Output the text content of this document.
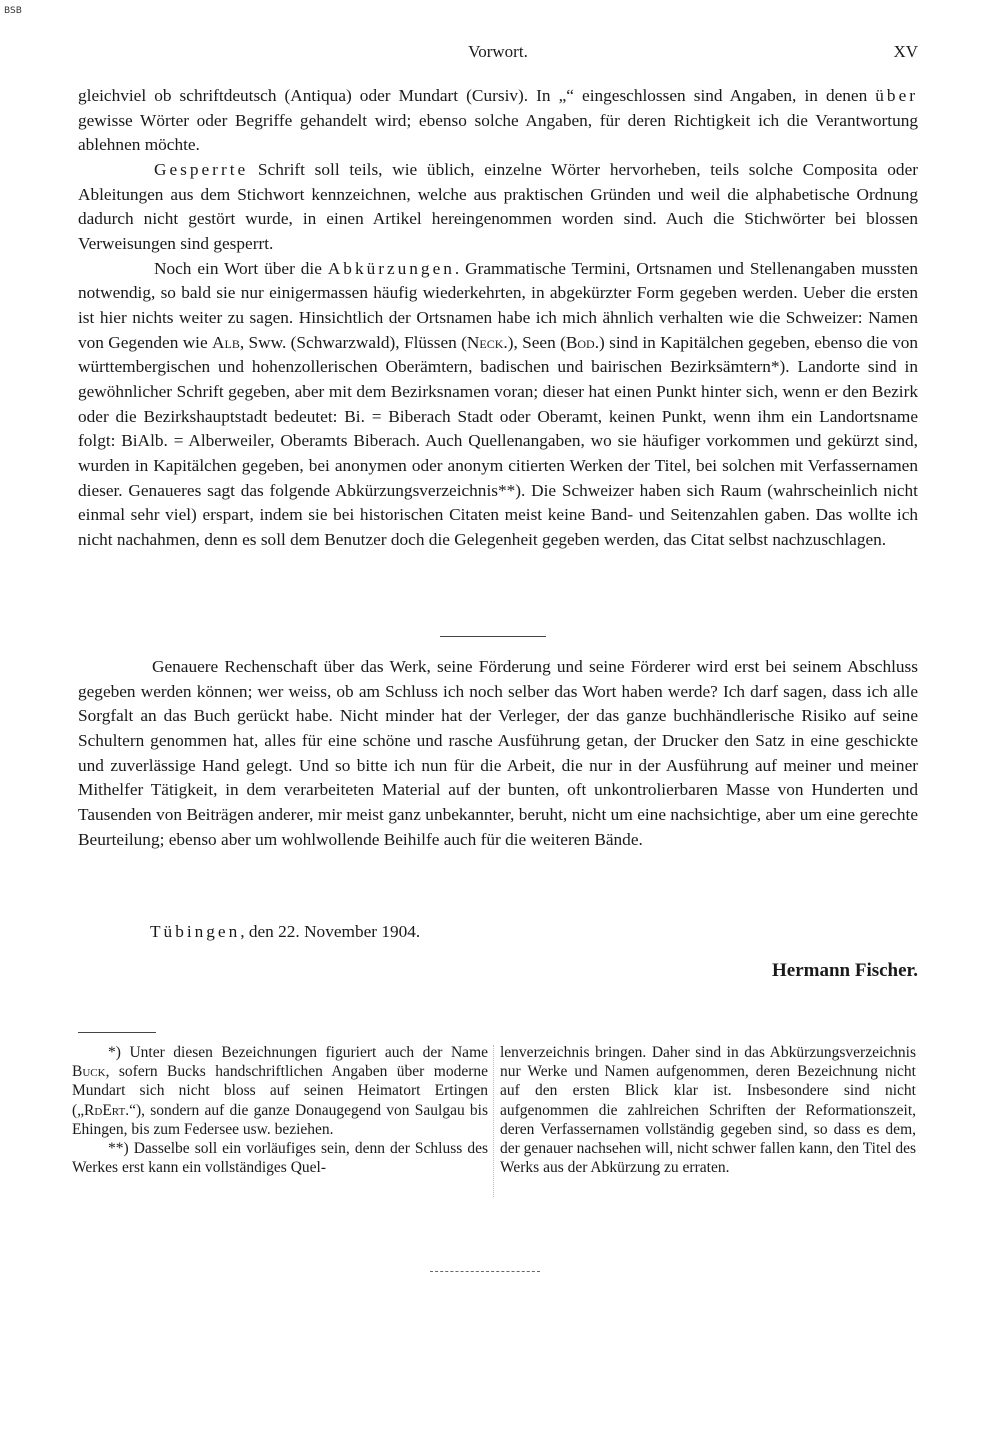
BSB
Vorwort.	XV

gleichviel ob schriftdeutsch (Antiqua) oder Mundart (Cursiv). In „“ eingeschlossen sind Angaben, in denen über gewisse Wörter oder Begriffe gehandelt wird; ebenso solche Angaben, für deren Richtigkeit ich die Verantwortung ablehnen möchte.

Gesperrte Schrift soll teils, wie üblich, einzelne Wörter hervorheben, teils solche Composita oder Ableitungen aus dem Stichwort kennzeichnen, welche aus praktischen Gründen und weil die alphabetische Ordnung dadurch nicht gestört wurde, in einen Artikel hereingenommen worden sind. Auch die Stichwörter bei blossen Verweisungen sind gesperrt.

Noch ein Wort über die Abkürzungen. Grammatische Termini, Ortsnamen und Stellenangaben mussten notwendig, so bald sie nur einigermassen häufig wiederkehrten, in abgekürzter Form gegeben werden. Ueber die ersten ist hier nichts weiter zu sagen. Hinsichtlich der Ortsnamen habe ich mich ähnlich verhalten wie die Schweizer: Namen von Gegenden wie Alb, Sww. (Schwarzwald), Flüssen (Neck.), Seen (Bod.) sind in Kapitälchen gegeben, ebenso die von württembergischen und hohenzollerischen Oberämtern, badischen und bairischen Bezirksämtern*). Landorte sind in gewöhnlicher Schrift gegeben, aber mit dem Bezirksnamen voran; dieser hat einen Punkt hinter sich, wenn er den Bezirk oder die Bezirkshauptstadt bedeutet: Bi. = Biberach Stadt oder Oberamt, keinen Punkt, wenn ihm ein Landortsname folgt: BiAlb. = Alberweiler, Oberamts Biberach. Auch Quellenangaben, wo sie häufiger vorkommen und gekürzt sind, wurden in Kapitälchen gegeben, bei anonymen oder anonym citierten Werken der Titel, bei solchen mit Verfassernamen dieser. Genaueres sagt das folgende Abkürzungsverzeichnis**). Die Schweizer haben sich Raum (wahrscheinlich nicht einmal sehr viel) erspart, indem sie bei historischen Citaten meist keine Band- und Seitenzahlen gaben. Das wollte ich nicht nachahmen, denn es soll dem Benutzer doch die Gelegenheit gegeben werden, das Citat selbst nachzuschlagen.

Genauere Rechenschaft über das Werk, seine Förderung und seine Förderer wird erst bei seinem Abschluss gegeben werden können; wer weiss, ob am Schluss ich noch selber das Wort haben werde? Ich darf sagen, dass ich alle Sorgfalt an das Buch gerückt habe. Nicht minder hat der Verleger, der das ganze buchhändlerische Risiko auf seine Schultern genommen hat, alles für eine schöne und rasche Ausführung getan, der Drucker den Satz in eine geschickte und zuverlässige Hand gelegt. Und so bitte ich nun für die Arbeit, die nur in der Ausführung auf meiner und meiner Mithelfer Tätigkeit, in dem verarbeiteten Material auf der bunten, oft unkontrolierbaren Masse von Hunderten und Tausenden von Beiträgen anderer, mir meist ganz unbekannter, beruht, nicht um eine nachsichtige, aber um eine gerechte Beurteilung; ebenso aber um wohlwollende Beihilfe auch für die weiteren Bände.

Tübingen, den 22. November 1904.
Hermann Fischer.

*) Unter diesen Bezeichnungen figuriert auch der Name Buck, sofern Bucks handschriftlichen Angaben über moderne Mundart sich nicht bloss auf seinen Heimatort Ertingen („RdErt.“), sondern auf die ganze Donaugegend von Saulgau bis Ehingen, bis zum Federsee usw. beziehen.

**) Dasselbe soll ein vorläufiges sein, denn der Schluss des Werkes erst kann ein vollständiges Quel-

lenverzeichnis bringen. Daher sind in das Abkürzungsverzeichnis nur Werke und Namen aufgenommen, deren Bezeichnung nicht auf den ersten Blick klar ist. Insbesondere sind nicht aufgenommen die zahlreichen Schriften der Reformationszeit, deren Verfassernamen vollständig gegeben sind, so dass es dem, der genauer nachsehen will, nicht schwer fallen kann, den Titel des Werks aus der Abkürzung zu erraten.
